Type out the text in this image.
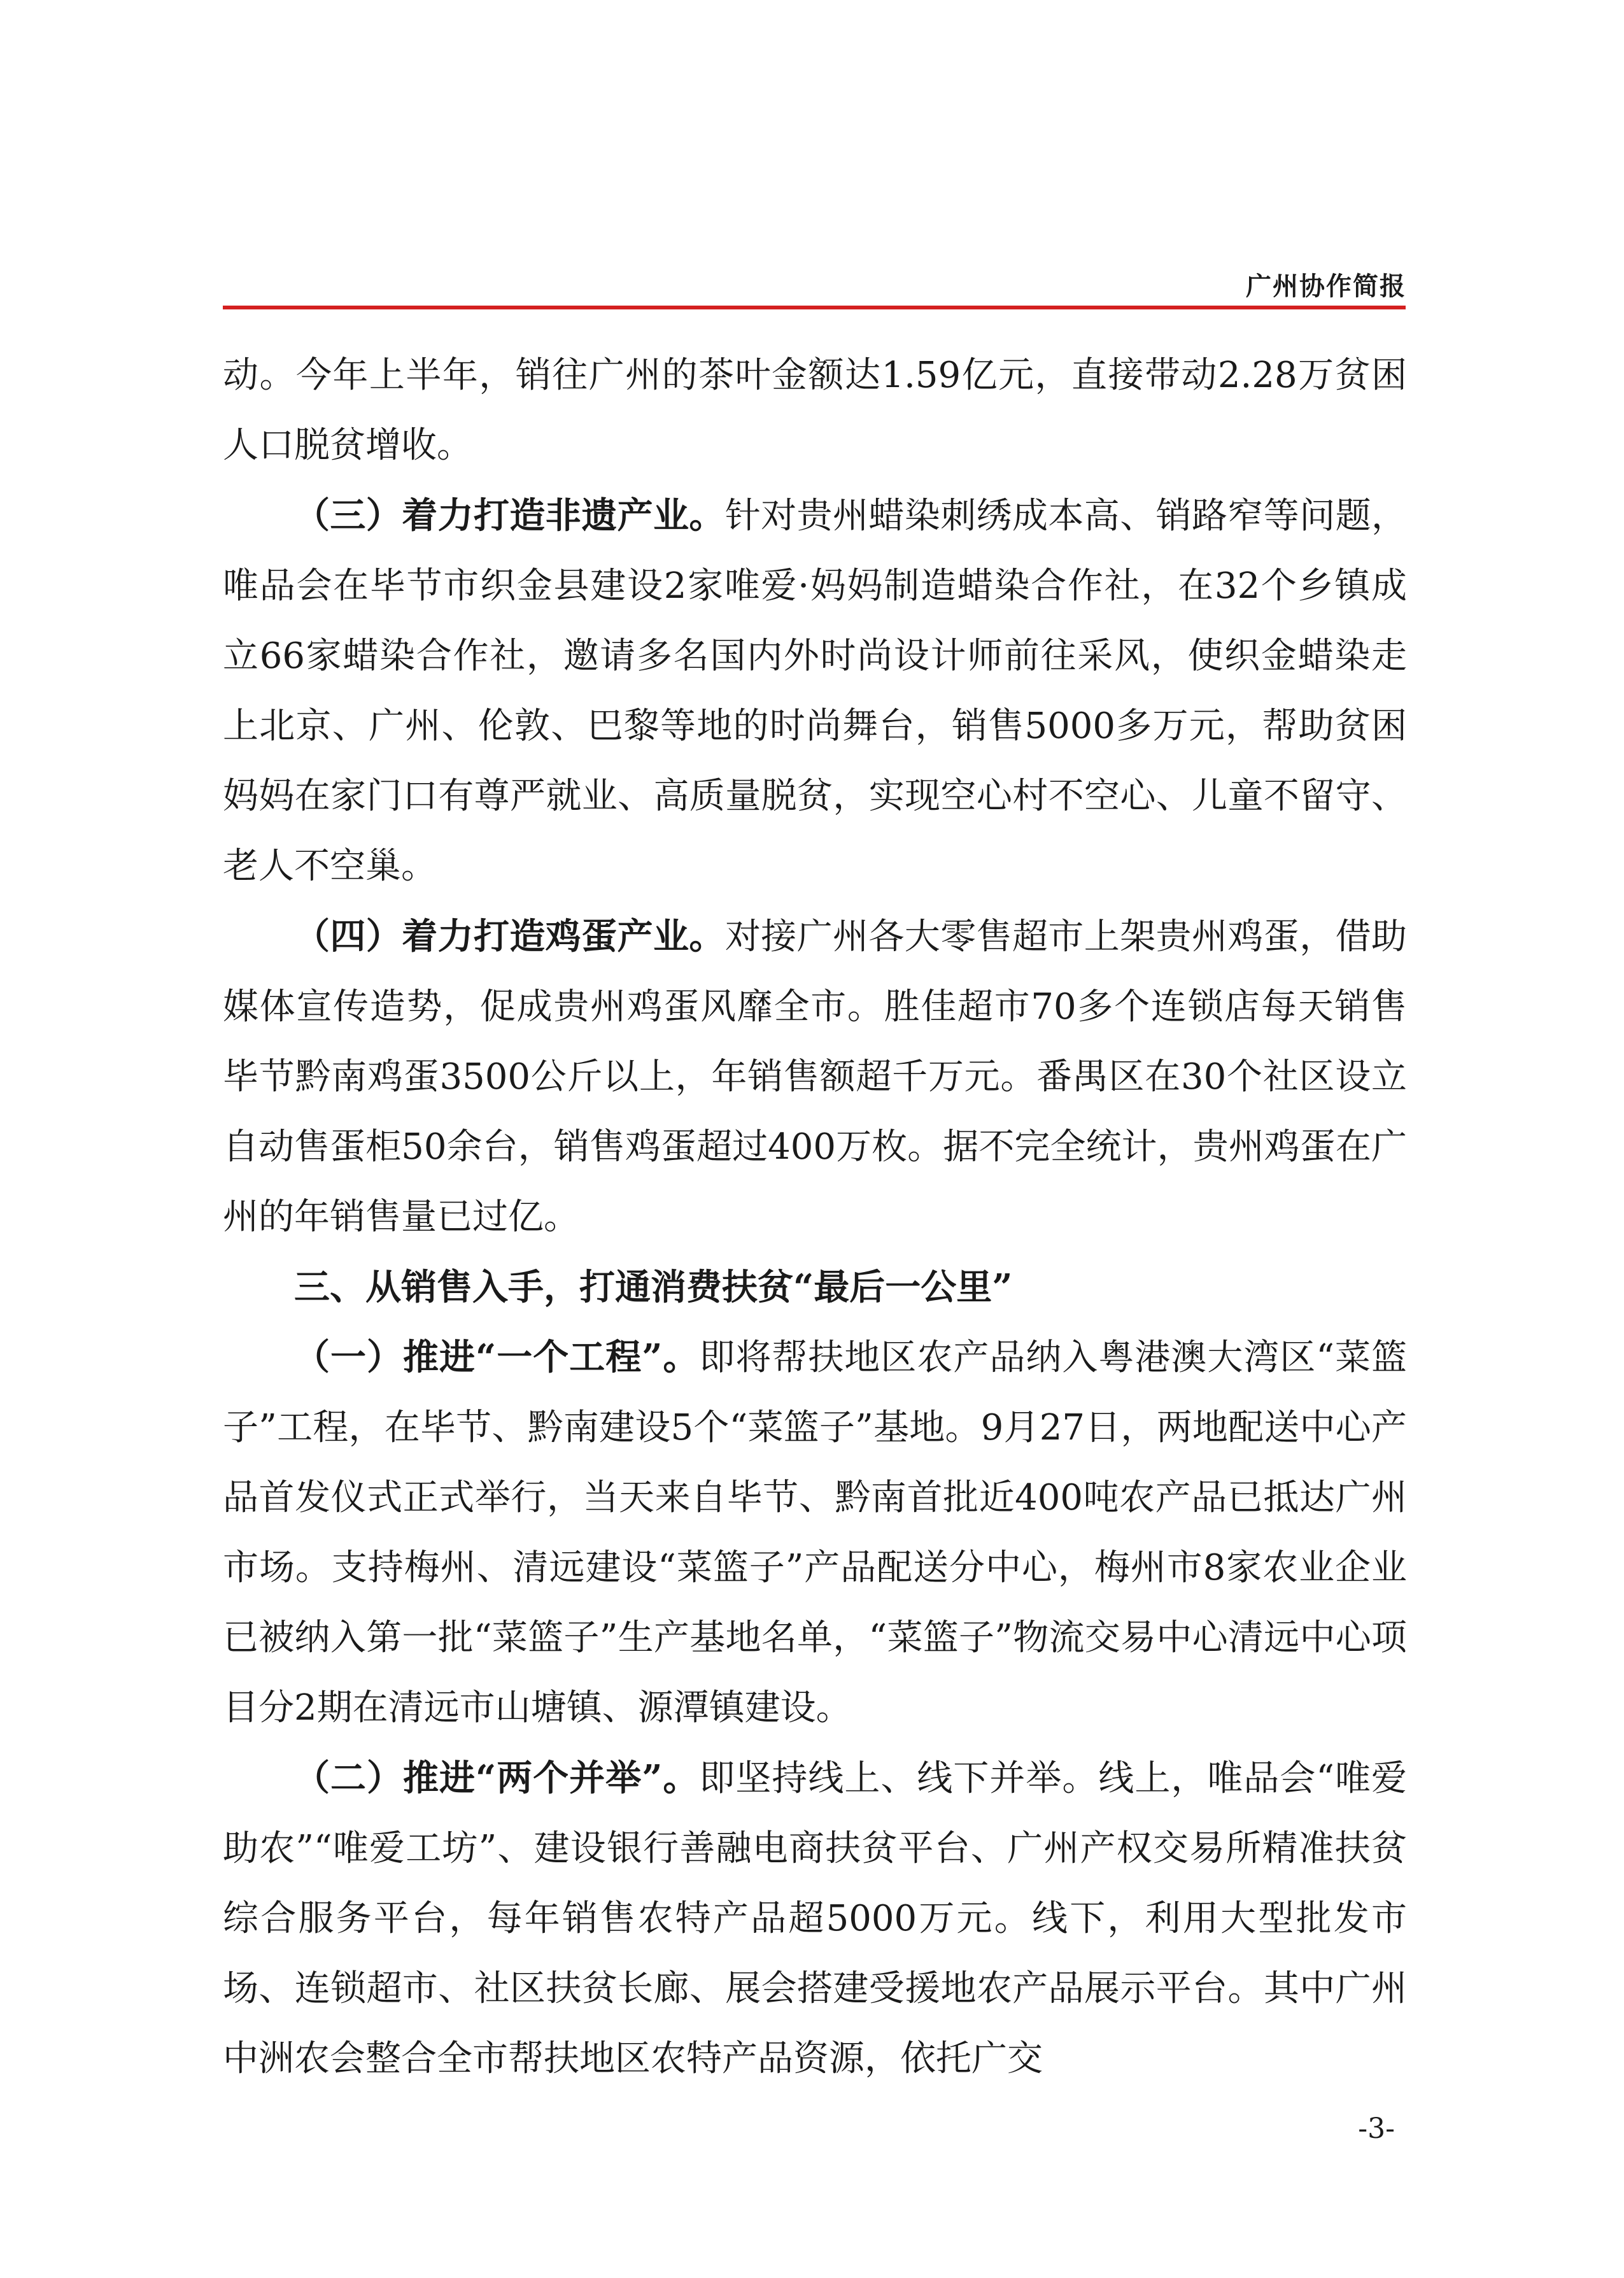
广州协作简报

动。今年上半年，销往广州的茶叶金额达1.59亿元，直接带动2.28万贫困人口脱贫增收。

（三）着力打造非遗产业。针对贵州蜡染刺绣成本高、销路窄等问题，唯品会在毕节市织金县建设2家唯爱·妈妈制造蜡染合作社，在32个乡镇成立66家蜡染合作社，邀请多名国内外时尚设计师前往采风，使织金蜡染走上北京、广州、伦敦、巴黎等地的时尚舞台，销售5000多万元，帮助贫困妈妈在家门口有尊严就业、高质量脱贫，实现空心村不空心、儿童不留守、老人不空巢。

（四）着力打造鸡蛋产业。对接广州各大零售超市上架贵州鸡蛋，借助媒体宣传造势，促成贵州鸡蛋风靡全市。胜佳超市70多个连锁店每天销售毕节黔南鸡蛋3500公斤以上，年销售额超千万元。番禺区在30个社区设立自动售蛋柜50余台，销售鸡蛋超过400万枚。据不完全统计，贵州鸡蛋在广州的年销售量已过亿。

三、从销售入手，打通消费扶贫“最后一公里”

（一）推进“一个工程”。即将帮扶地区农产品纳入粤港澳大湾区“菜篮子”工程，在毕节、黔南建设5个“菜篮子”基地。9月27日，两地配送中心产品首发仪式正式举行，当天来自毕节、黔南首批近400吨农产品已抵达广州市场。支持梅州、清远建设“菜篮子”产品配送分中心，梅州市8家农业企业已被纳入第一批“菜篮子”生产基地名单，“菜篮子”物流交易中心清远中心项目分2期在清远市山塘镇、源潭镇建设。

（二）推进“两个并举”。即坚持线上、线下并举。线上，唯品会“唯爱助农”“唯爱工坊”、建设银行善融电商扶贫平台、广州产权交易所精准扶贫综合服务平台，每年销售农特产品超5000万元。线下，利用大型批发市场、连锁超市、社区扶贫长廊、展会搭建受援地农产品展示平台。其中广州中洲农会整合全市帮扶地区农特产品资源，依托广交

-3-
